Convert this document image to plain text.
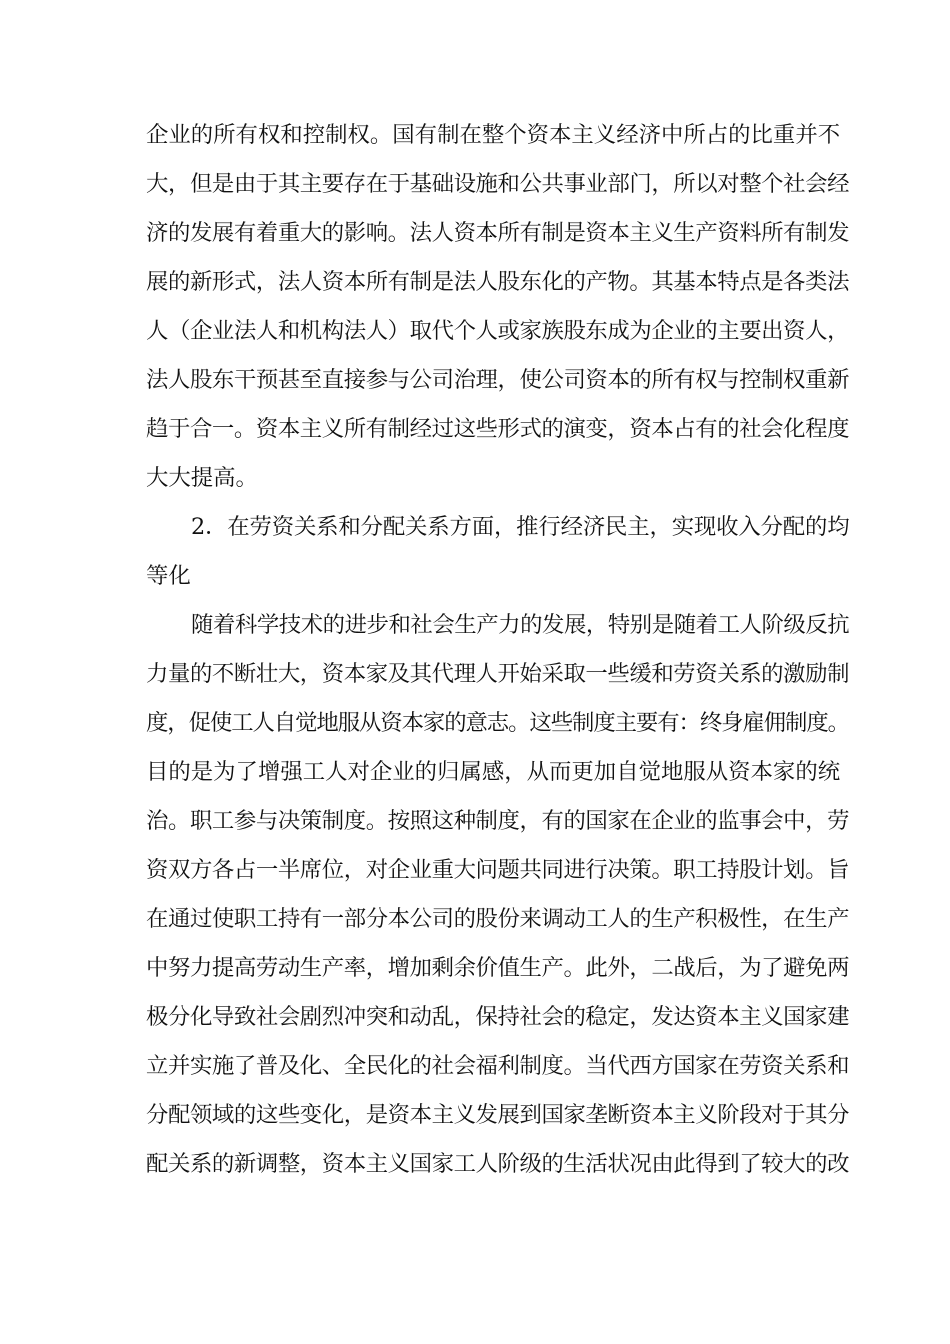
企业的所有权和控制权。国有制在整个资本主义经济中所占的比重并不
大，但是由于其主要存在于基础设施和公共事业部门，所以对整个社会经
济的发展有着重大的影响。法人资本所有制是资本主义生产资料所有制发
展的新形式，法人资本所有制是法人股东化的产物。其基本特点是各类法
人（企业法人和机构法人）取代个人或家族股东成为企业的主要出资人，
法人股东干预甚至直接参与公司治理，使公司资本的所有权与控制权重新
趋于合一。资本主义所有制经过这些形式的演变，资本占有的社会化程度
大大提高。
2．在劳资关系和分配关系方面，推行经济民主，实现收入分配的均
等化
随着科学技术的进步和社会生产力的发展，特别是随着工人阶级反抗
力量的不断壮大，资本家及其代理人开始采取一些缓和劳资关系的激励制
度，促使工人自觉地服从资本家的意志。这些制度主要有：终身雇佣制度。
目的是为了增强工人对企业的归属感，从而更加自觉地服从资本家的统
治。职工参与决策制度。按照这种制度，有的国家在企业的监事会中，劳
资双方各占一半席位，对企业重大问题共同进行决策。职工持股计划。旨
在通过使职工持有一部分本公司的股份来调动工人的生产积极性，在生产
中努力提高劳动生产率，增加剩余价值生产。此外，二战后，为了避免两
极分化导致社会剧烈冲突和动乱，保持社会的稳定，发达资本主义国家建
立并实施了普及化、全民化的社会福利制度。当代西方国家在劳资关系和
分配领域的这些变化，是资本主义发展到国家垄断资本主义阶段对于其分
配关系的新调整，资本主义国家工人阶级的生活状况由此得到了较大的改
